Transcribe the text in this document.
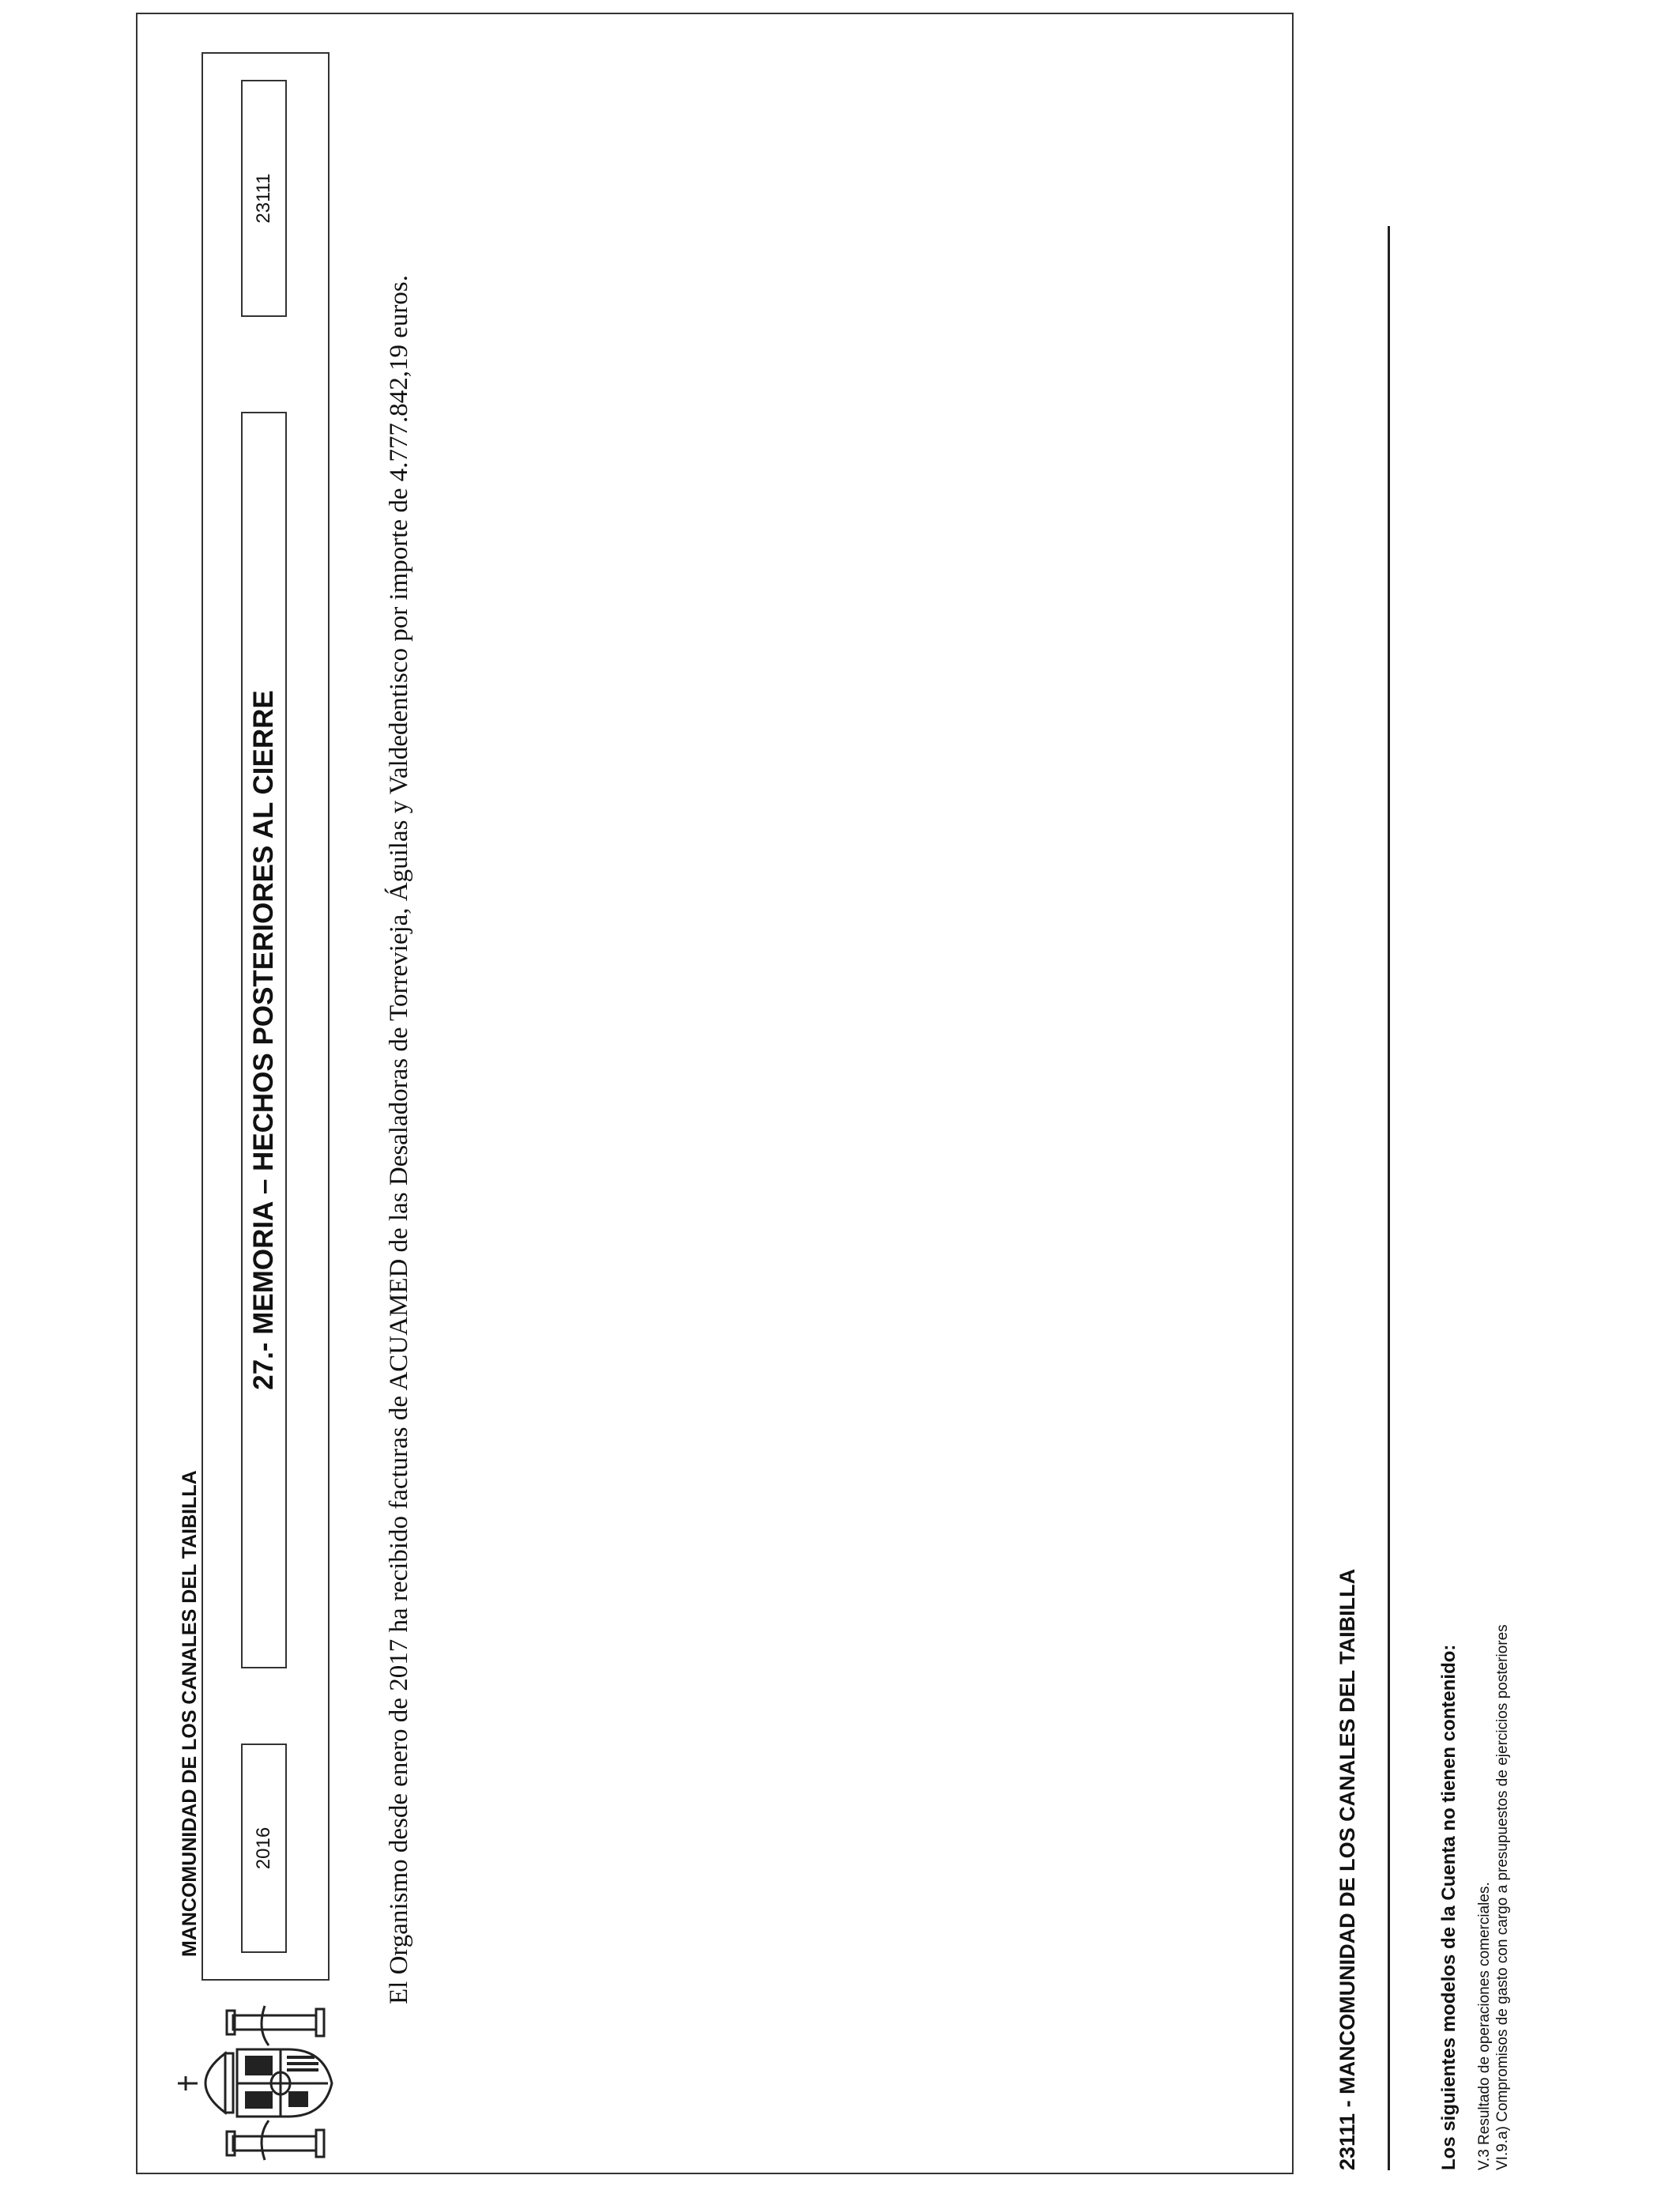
MANCOMUNIDAD DE LOS CANALES DEL TAIBILLA	2016
27.- MEMORIA – HECHOS POSTERIORES AL CIERRE
23111
El Organismo desde enero de 2017 ha recibido facturas de ACUAMED de las Desaladoras de Torrevieja, Águilas y Valdedentisco por importe de 4.777.842,19 euros.	23111 - MANCOMUNIDAD DE LOS CANALES DEL TAIBILLA	Los siguientes modelos de la Cuenta no tienen contenido: V.3 Resultado de operaciones comerciales. VI.9.a) Compromisos de gasto con cargo a presupuestos de ejercicios posteriores
